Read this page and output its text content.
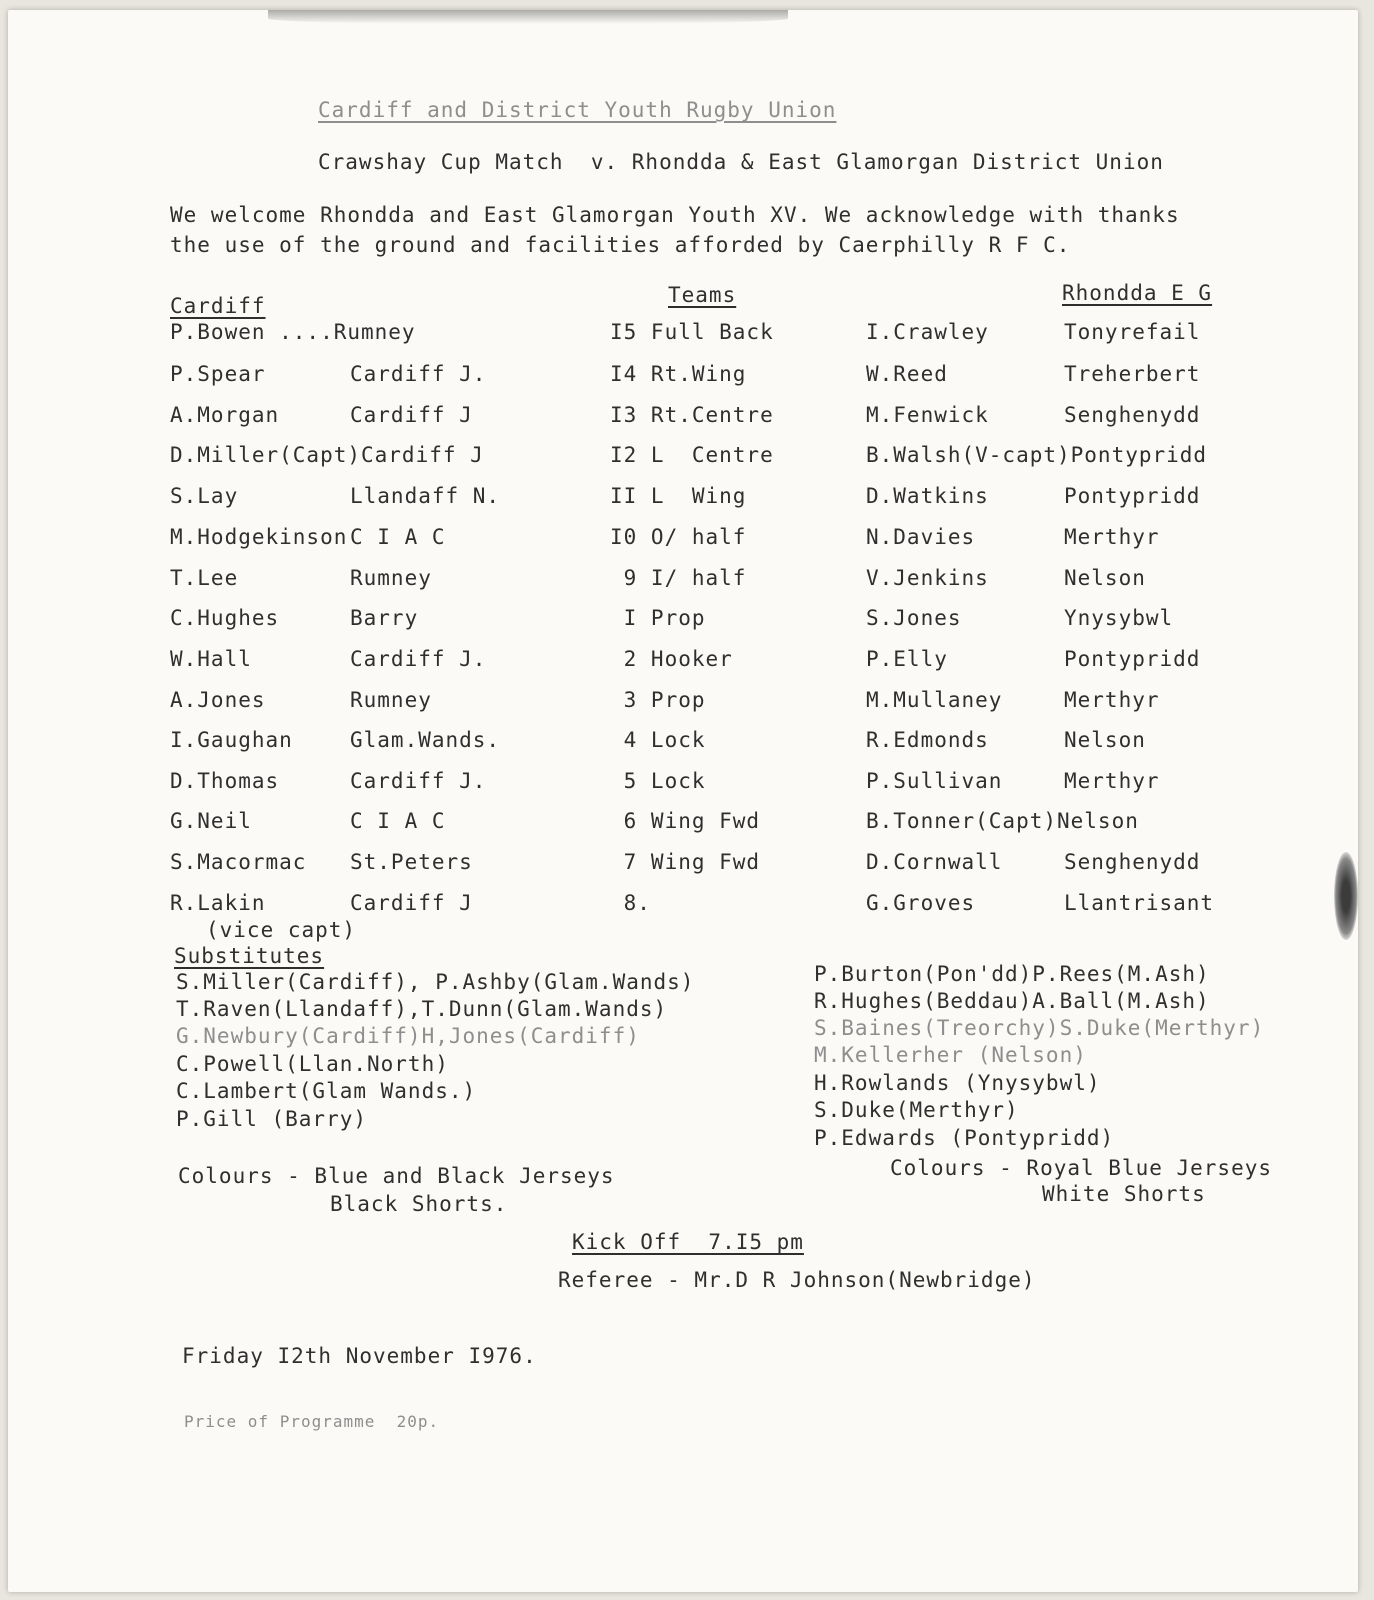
Cardiff and District Youth Rugby Union
Crawshay Cup Match  v. Rhondda & East Glamorgan District Union
We welcome Rhondda and East Glamorgan Youth XV. We acknowledge with thanks
the use of the ground and facilities afforded by Caerphilly R F C.
Cardiff	Teams	Rhondda E G
P.Bowen ....Rumney	I5 Full Back	I.Crawley	Tonyrefail
P.Spear	Cardiff J.	I4 Rt.Wing	W.Reed	Treherbert
A.Morgan	Cardiff J	I3 Rt.Centre	M.Fenwick	Senghenydd
D.Miller(Capt)Cardiff J	I2 L  Centre	B.Walsh(V-capt)Pontypridd
S.Lay	Llandaff N.	II L  Wing	D.Watkins	Pontypridd
M.Hodgekinson C I A C	I0 O/ half	N.Davies	Merthyr
T.Lee	Rumney	9 I/ half	V.Jenkins	Nelson
C.Hughes	Barry	I Prop	S.Jones	Ynysybwl
W.Hall	Cardiff J.	2 Hooker	P.Elly	Pontypridd
A.Jones	Rumney	3 Prop	M.Mullaney	Merthyr
I.Gaughan	Glam.Wands.	4 Lock	R.Edmonds	Nelson
D.Thomas	Cardiff J.	5 Lock	P.Sullivan	Merthyr
G.Neil	C I A C	6 Wing Fwd	B.Tonner(Capt)Nelson
S.Macormac St.Peters	7 Wing Fwd	D.Cornwall	Senghenydd
R.Lakin	Cardiff J	8.	G.Groves	Llantrisant
(vice capt)
Substitutes
S.Miller(Cardiff), P.Ashby(Glam.Wands)
T.Raven(Llandaff),T.Dunn(Glam.Wands)
G.Newbury(Cardiff)H,Jones(Cardiff)
C.Powell(Llan.North)
C.Lambert(Glam Wands.)
P.Gill (Barry)
P.Burton(Pon'dd)P.Rees(M.Ash)
R.Hughes(Beddau)A.Ball(M.Ash)
S.Baines(Treorchy)S.Duke(Merthyr)
M.Kellerher (Nelson)
H.Rowlands (Ynysybwl)
S.Duke(Merthyr)
P.Edwards (Pontypridd)
Colours - Blue and Black Jerseys
Black Shorts.
Colours - Royal Blue Jerseys
White Shorts
Kick Off  7.I5 pm
Referee - Mr.D R Johnson(Newbridge)
Friday I2th November I976.
Price of Programme  20p.
